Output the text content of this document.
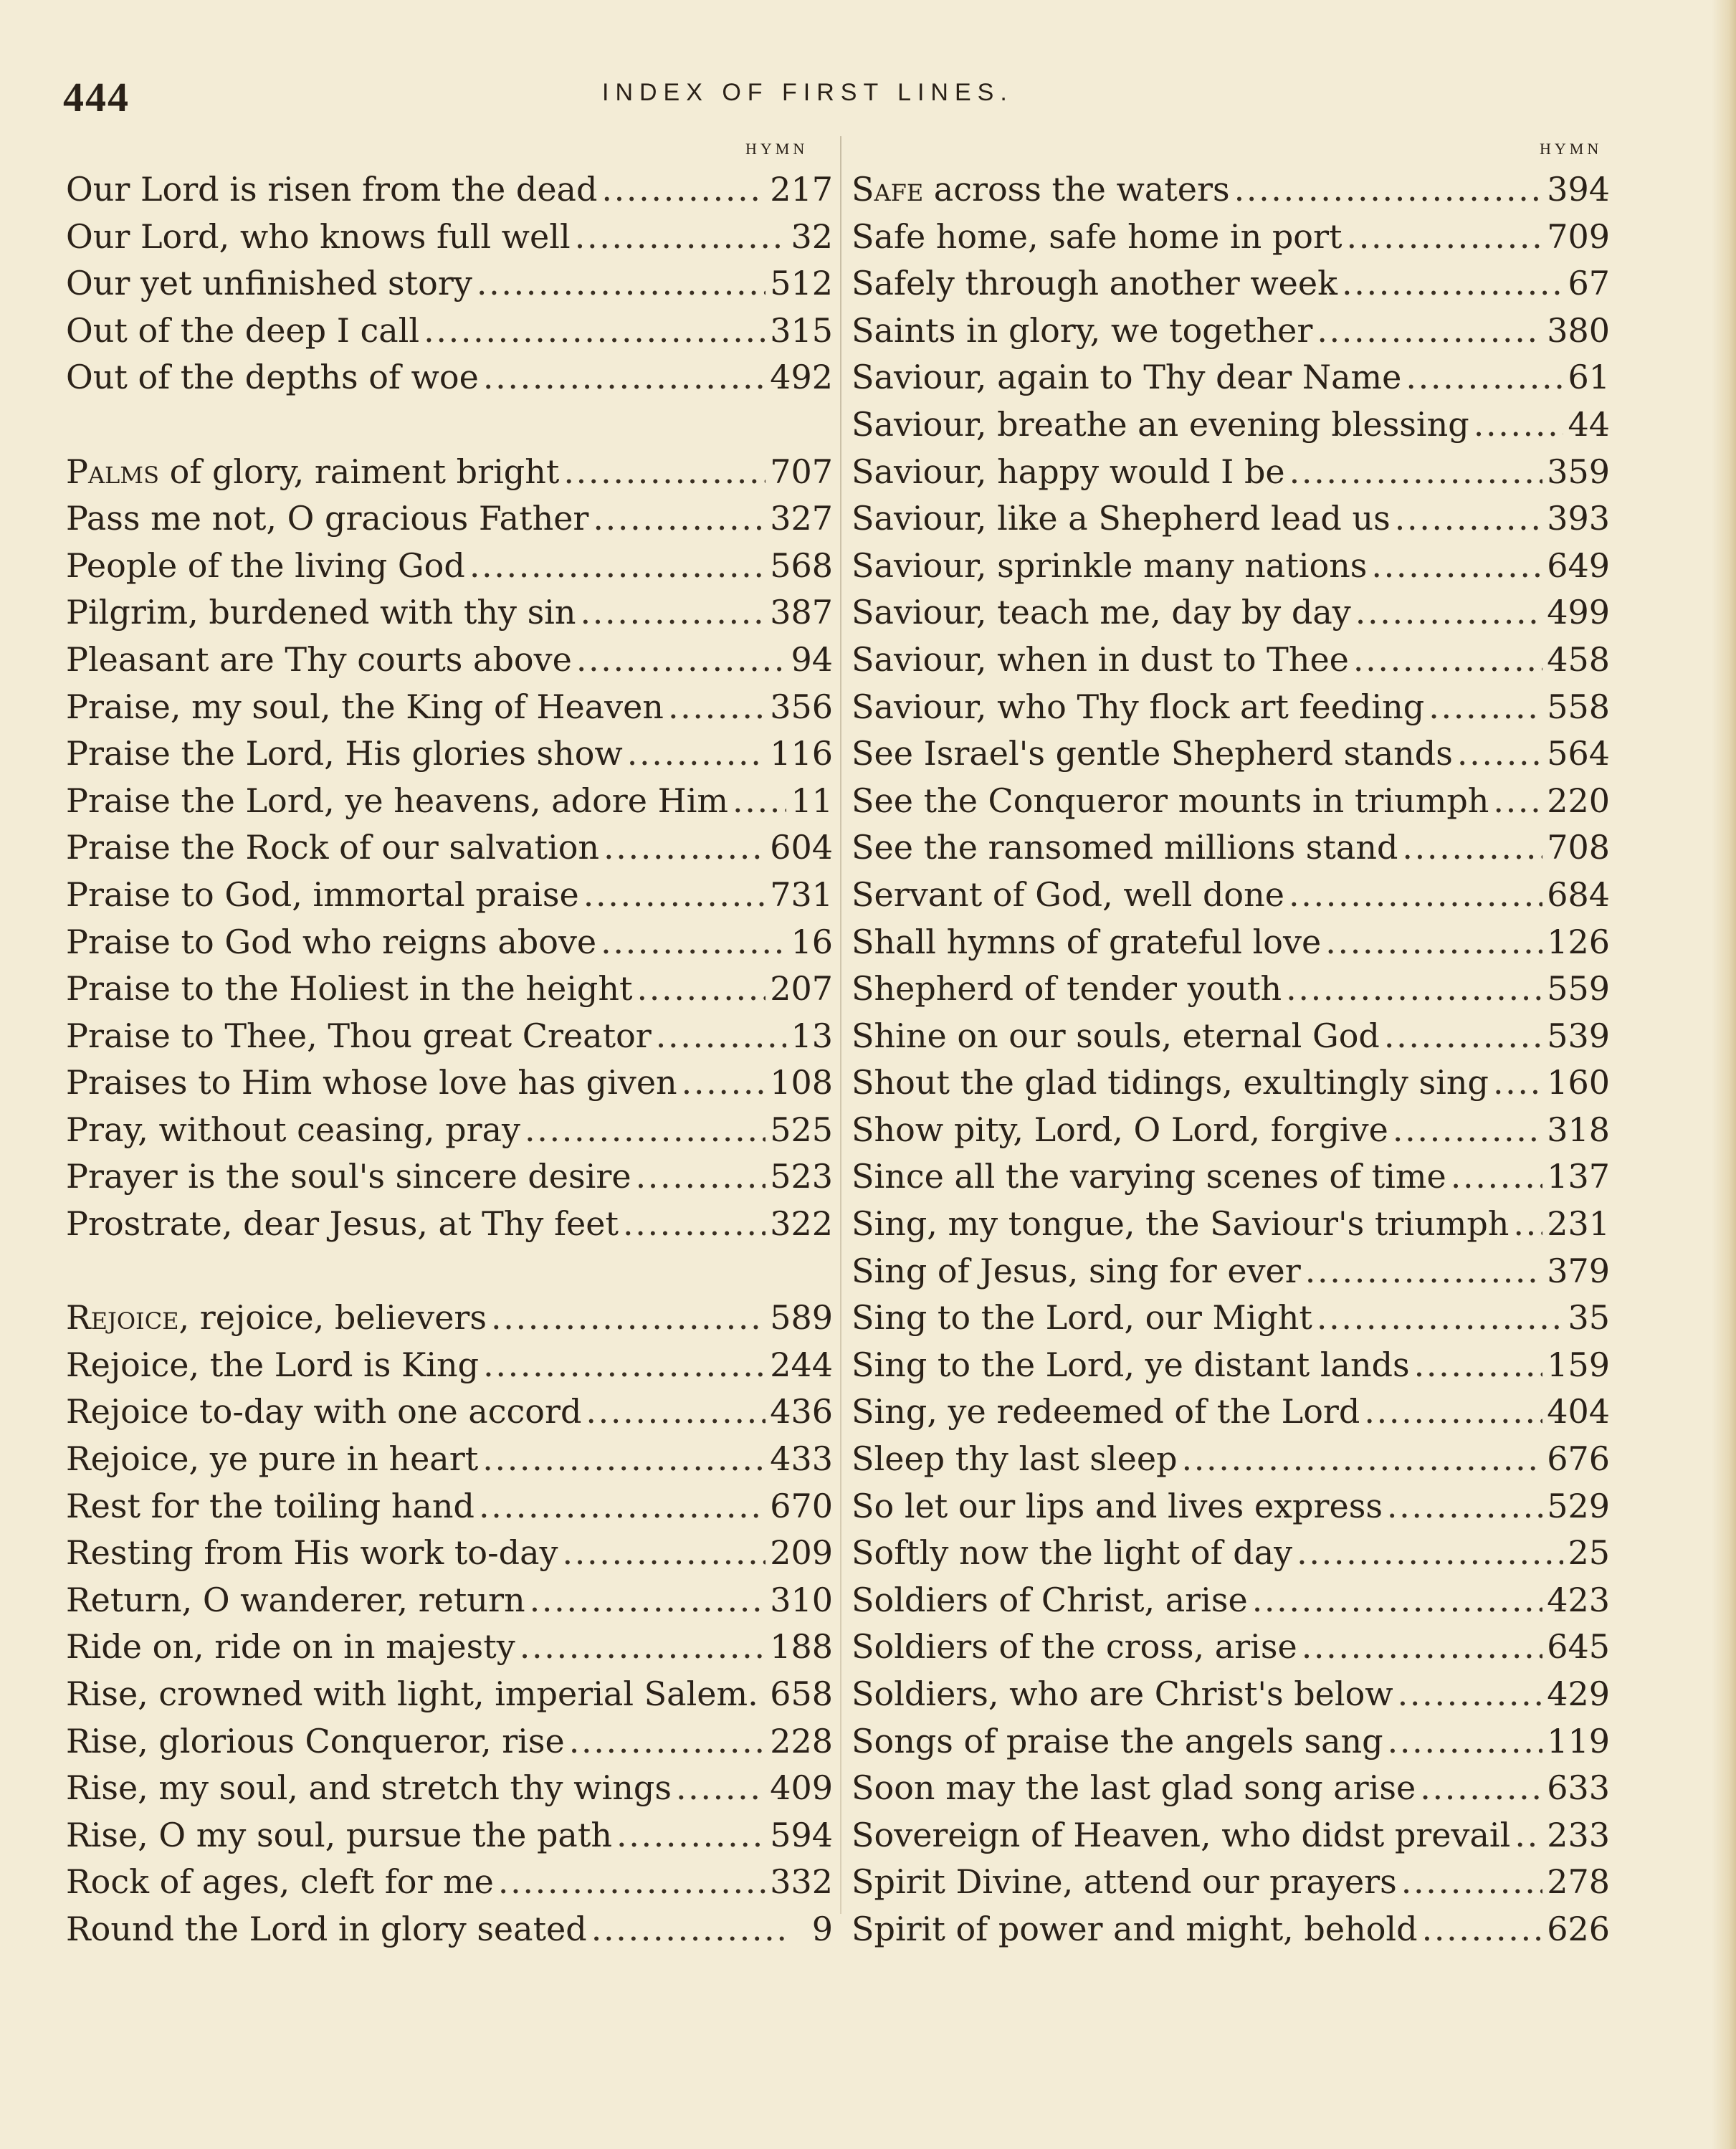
444	INDEX OF FIRST LINES.
HYMN	HYMN
Our Lord is risen from the dead . . .	217
Our Lord, who knows full well . . .	32
Our yet unfinished story . . .	512
Out of the deep I call . . .	315
Out of the depths of woe . . .	492
Palms of glory, raiment bright . . .	707
Pass me not, O gracious Father . . .	327
People of the living God . . .	568
Pilgrim, burdened with thy sin . . .	387
Pleasant are Thy courts above . . .	94
Praise, my soul, the King of Heaven . . .	356
Praise the Lord, His glories show . . .	116
Praise the Lord, ye heavens, adore Him . . . 11
Praise the Rock of our salvation . . .	604
Praise to God, immortal praise . . .	731
Praise to God who reigns above . . .	16
Praise to the Holiest in the height . . .	207
Praise to Thee, Thou great Creator . . .	13
Praises to Him whose love has given . . .	108
Pray, without ceasing, pray . . .	525
Prayer is the soul's sincere desire . . .	523
Prostrate, dear Jesus, at Thy feet . . .	322
Rejoice, rejoice, believers . . .	589
Rejoice, the Lord is King . . .	244
Rejoice to-day with one accord . . .	436
Rejoice, ye pure in heart . . .	433
Rest for the toiling hand . . .	670
Resting from His work to-day . . .	209
Return, O wanderer, return . . .	310
Ride on, ride on in majesty . . .	188
Rise, crowned with light, imperial Salem. 658
Rise, glorious Conqueror, rise . . .	228
Rise, my soul, and stretch thy wings . . .	409
Rise, O my soul, pursue the path . . .	594
Rock of ages, cleft for me . . .	332
Round the Lord in glory seated . . .	9
Safe across the waters . . .	394
Safe home, safe home in port . . .	709
Safely through another week . . .	67
Saints in glory, we together . . .	380
Saviour, again to Thy dear Name . . .	61
Saviour, breathe an evening blessing . . .	44
Saviour, happy would I be . . .	359
Saviour, like a Shepherd lead us . . .	393
Saviour, sprinkle many nations . . .	649
Saviour, teach me, day by day . . .	499
Saviour, when in dust to Thee . . .	458
Saviour, who Thy flock art feeding . . .	558
See Israel's gentle Shepherd stands . . .	564
See the Conqueror mounts in triumph . . . 220
See the ransomed millions stand . . .	708
Servant of God, well done . . .	684
Shall hymns of grateful love . . .	126
Shepherd of tender youth . . .	559
Shine on our souls, eternal God . . .	539
Shout the glad tidings, exultingly sing . . . 160
Show pity, Lord, O Lord, forgive . . .	318
Since all the varying scenes of time . . .	137
Sing, my tongue, the Saviour's triumph . . . 231
Sing of Jesus, sing for ever . . .	379
Sing to the Lord, our Might . . .	35
Sing to the Lord, ye distant lands . . .	159
Sing, ye redeemed of the Lord . . .	404
Sleep thy last sleep . . .	676
So let our lips and lives express . . .	529
Softly now the light of day . . .	25
Soldiers of Christ, arise . . .	423
Soldiers of the cross, arise . . .	645
Soldiers, who are Christ's below . . .	429
Songs of praise the angels sang . . .	119
Soon may the last glad song arise . . .	633
Sovereign of Heaven, who didst prevail . . . 233
Spirit Divine, attend our prayers . . .	278
Spirit of power and might, behold . . .	626
